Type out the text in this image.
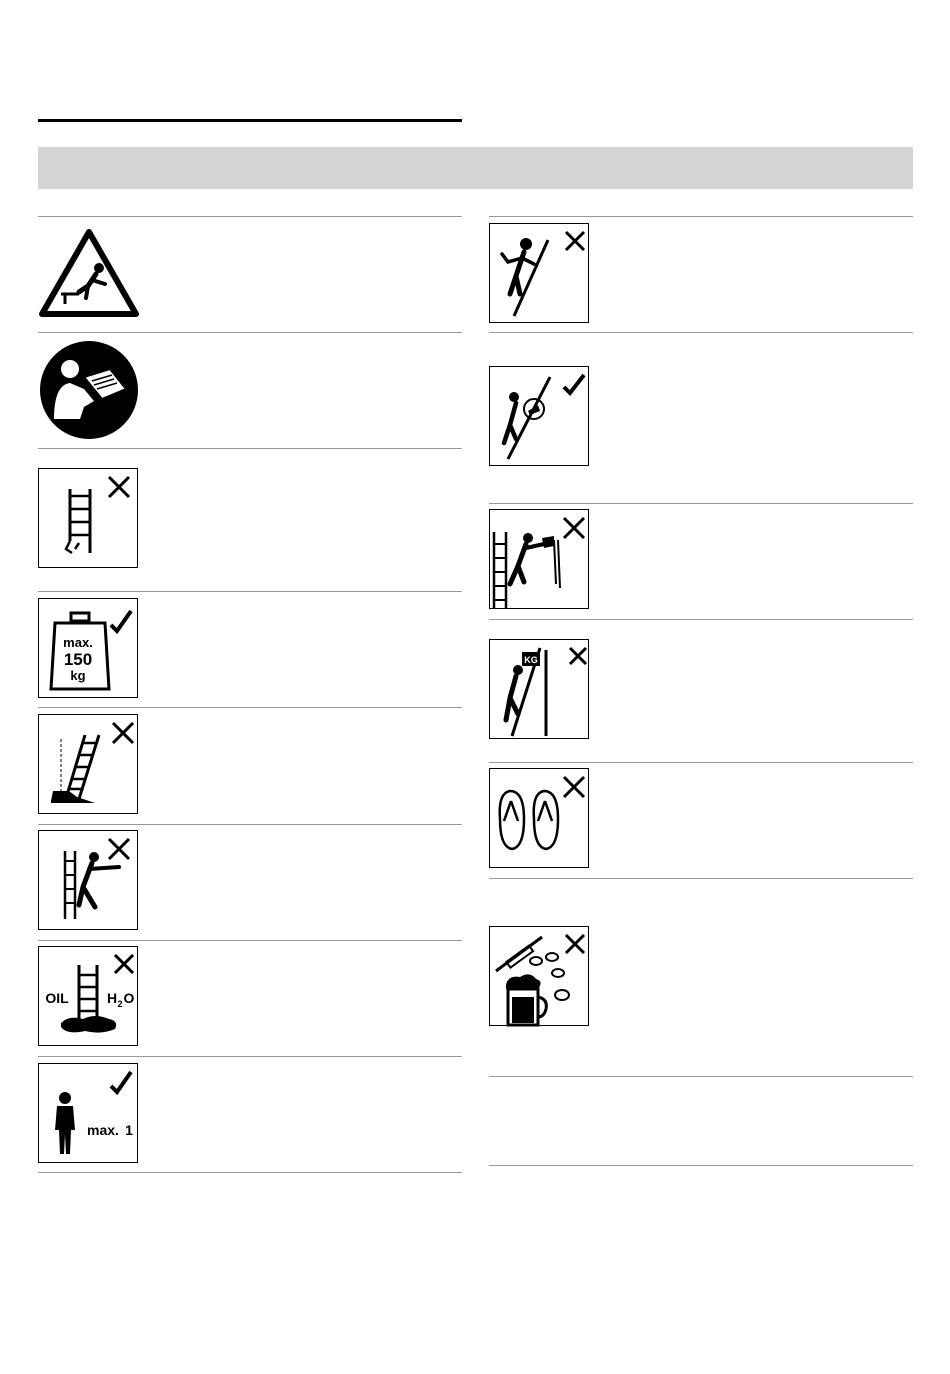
max.
150
kg
OIL	H 2 O
max. 1
KG
